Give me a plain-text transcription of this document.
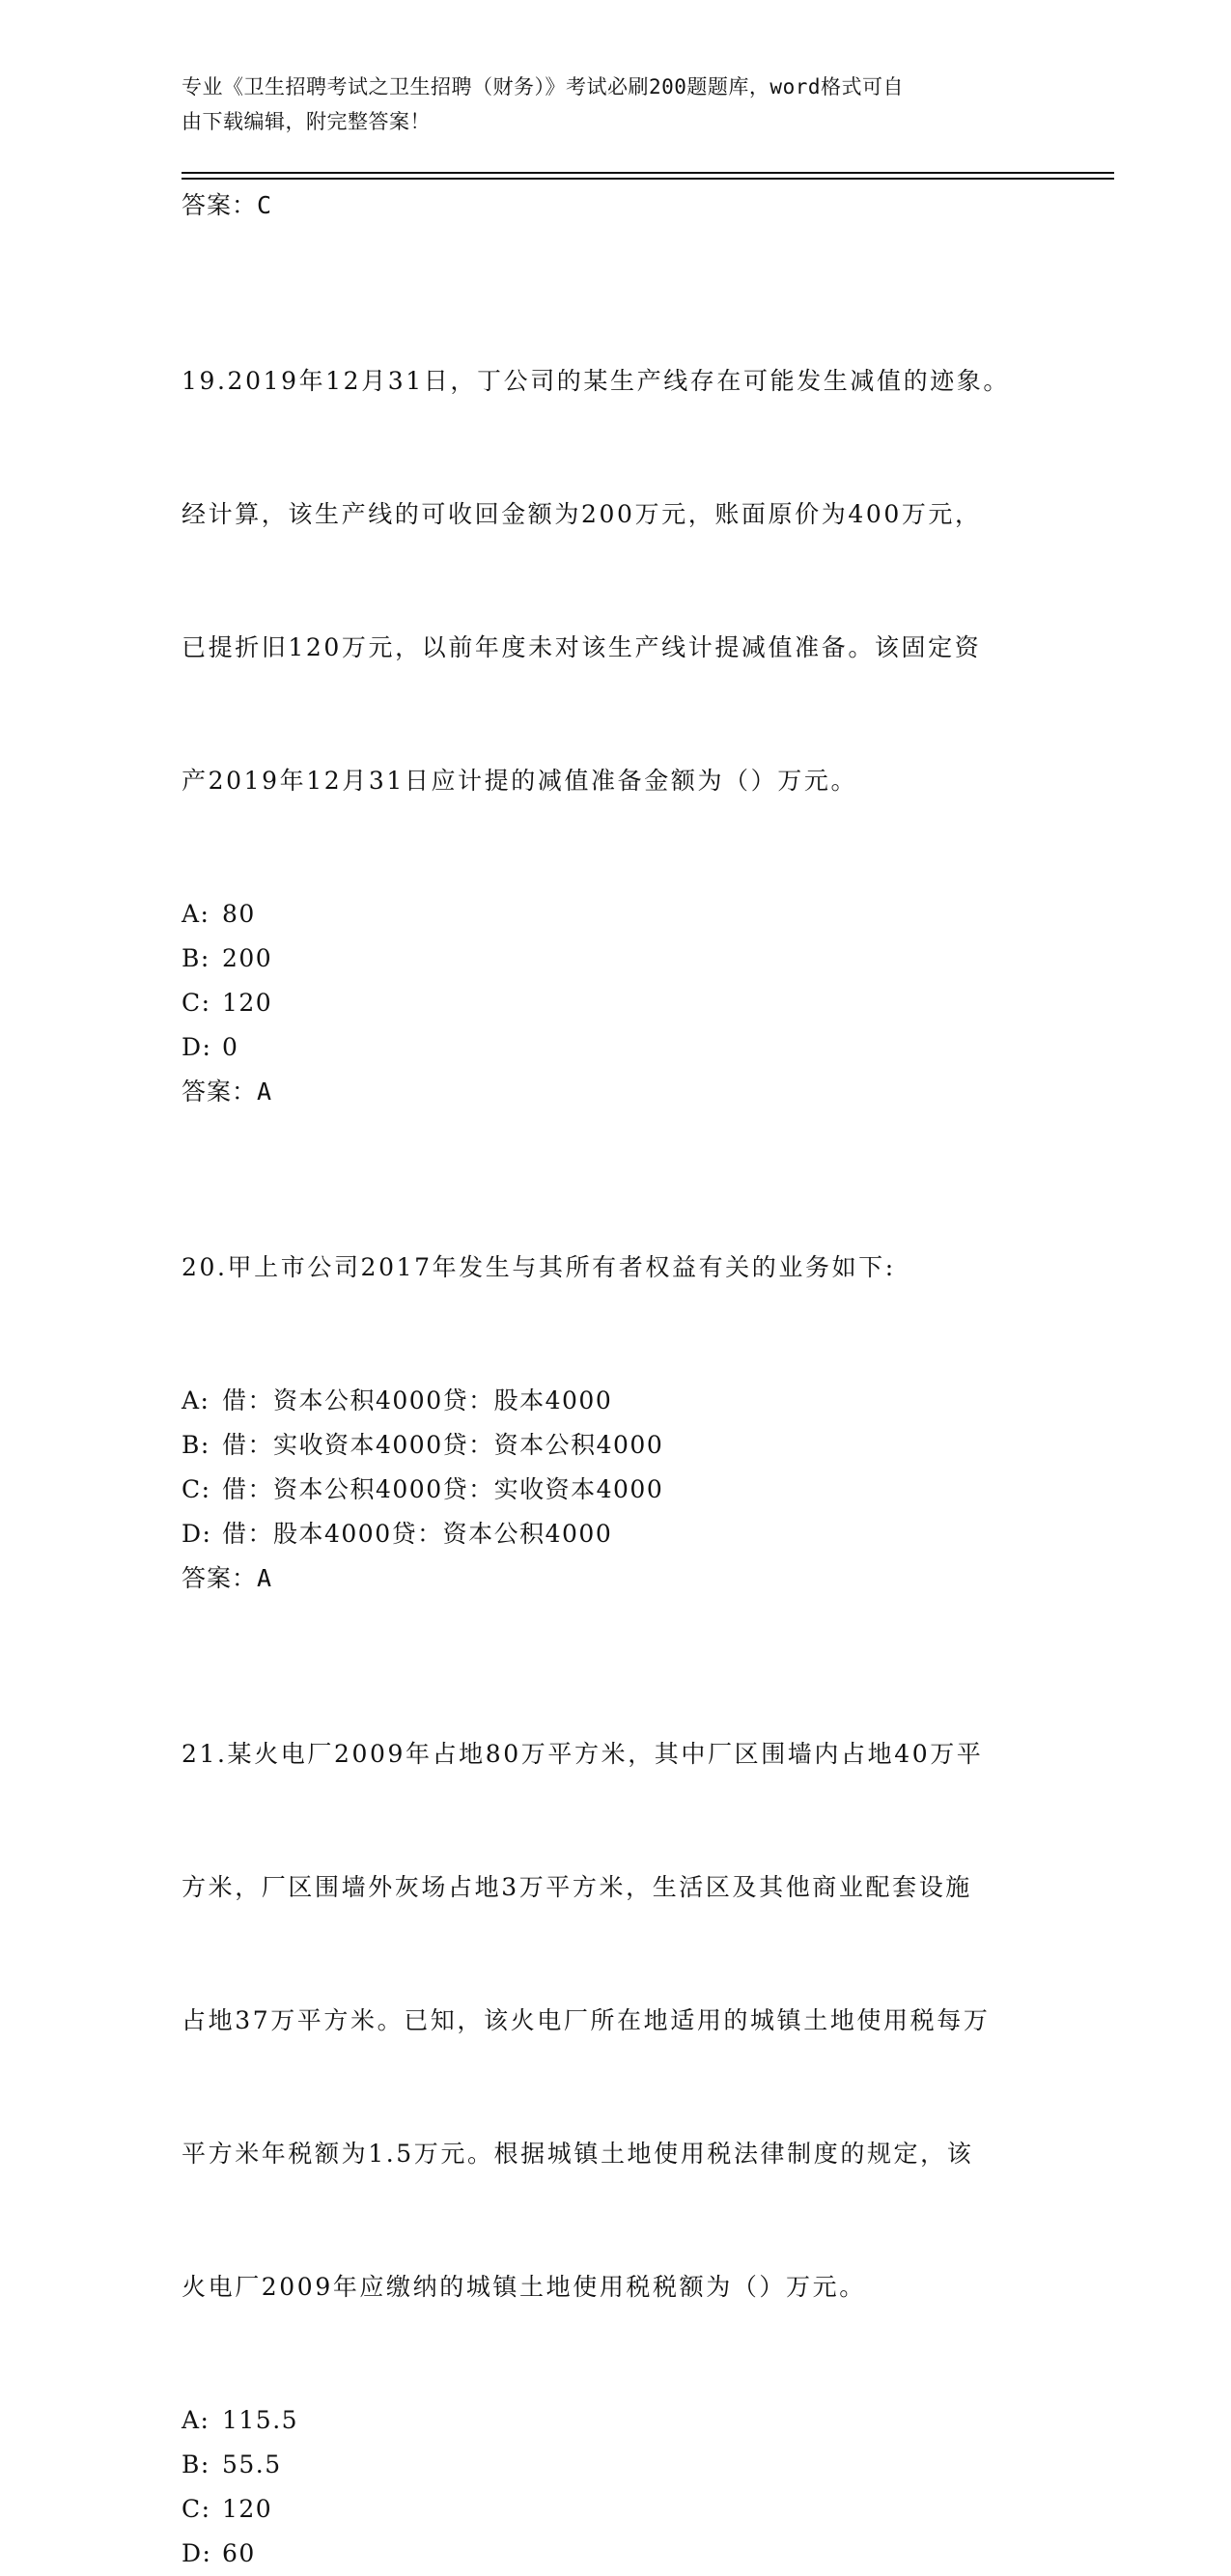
专业《卫生招聘考试之卫生招聘（财务）》考试必刷200题题库，word格式可自
由下载编辑，附完整答案！
答案：C

19.2019年12月31日，丁公司的某生产线存在可能发生减值的迹象。

经计算，该生产线的可收回金额为200万元，账面原价为400万元，

已提折旧120万元，以前年度未对该生产线计提减值准备。该固定资

产2019年12月31日应计提的减值准备金额为（）万元。

A: 80
B: 200
C: 120
D: 0
答案：A

20.甲上市公司2017年发生与其所有者权益有关的业务如下:

A: 借：资本公积4000贷：股本4000
B: 借：实收资本4000贷：资本公积4000
C: 借：资本公积4000贷：实收资本4000
D: 借：股本4000贷：资本公积4000
答案：A

21.某火电厂2009年占地80万平方米，其中厂区围墙内占地40万平

方米，厂区围墙外灰场占地3万平方米，生活区及其他商业配套设施

占地37万平方米。已知，该火电厂所在地适用的城镇土地使用税每万

平方米年税额为1.5万元。根据城镇土地使用税法律制度的规定，该

火电厂2009年应缴纳的城镇土地使用税税额为（）万元。

A: 115.5
B: 55.5
C: 120
D: 60
